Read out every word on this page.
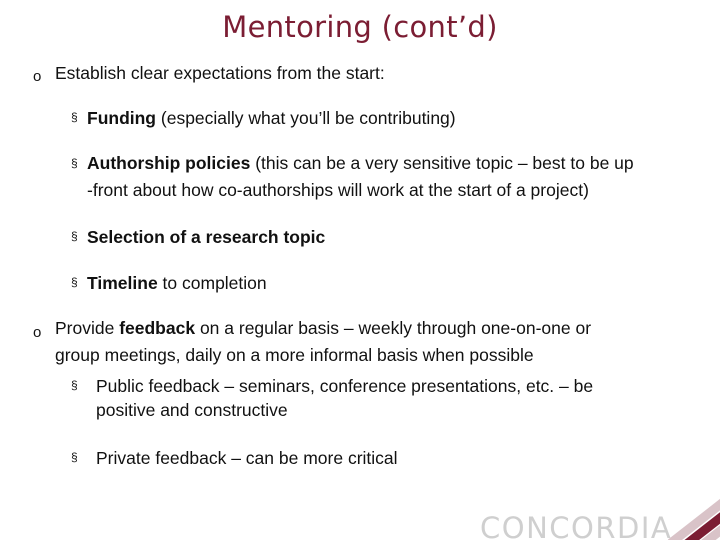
Mentoring (cont’d)
o Establish clear expectations from the start:
§ Funding (especially what you’ll be contributing)
§ Authorship policies (this can be a very sensitive topic – best to be up
-front about how co-authorships will work at the start of a project)
§ Selection of a research topic
§ Timeline to completion
o Provide feedback on a regular basis – weekly through one-on-one or
group meetings, daily on a more informal basis when possible
§ Public feedback – seminars, conference presentations, etc. – be
positive and constructive
§ Private feedback – can be more critical
CONCORDIA
